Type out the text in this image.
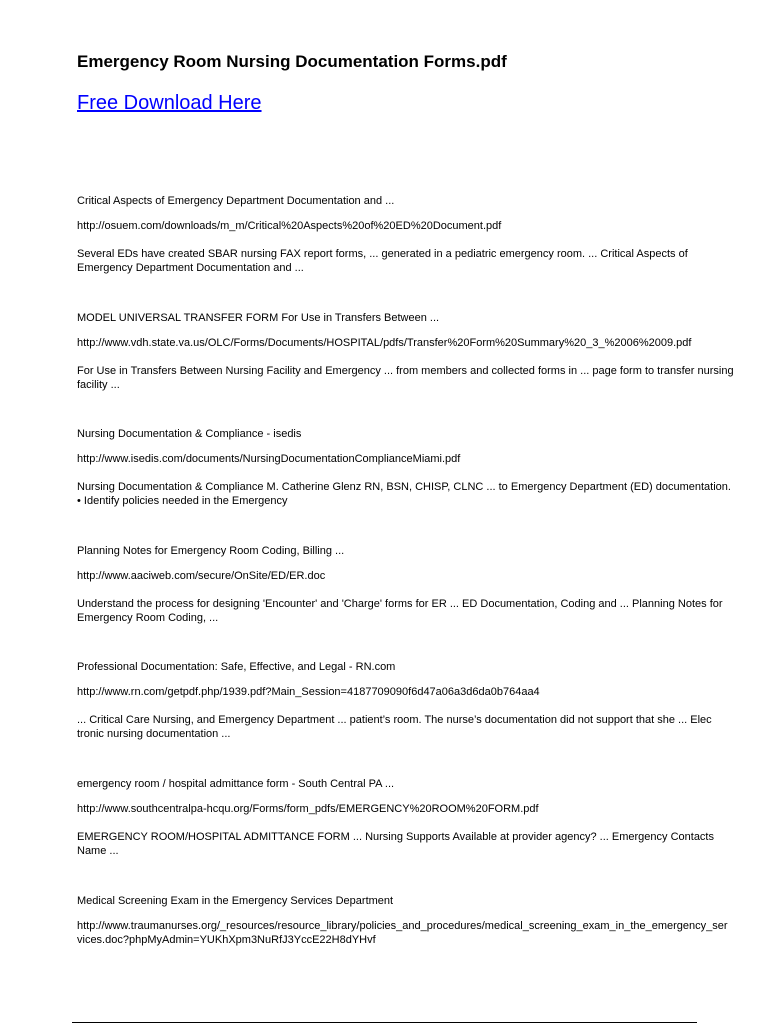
Emergency Room Nursing Documentation Forms.pdf
Free Download Here

Critical Aspects of Emergency Department Documentation and ...

http://osuem.com/downloads/m_m/Critical%20Aspects%20of%20ED%20Document.pdf

Several EDs have created SBAR nursing FAX report forms, ... generated in a pediatric emergency room. ... Critical Aspects of Emergency Department Documentation and ...

MODEL UNIVERSAL TRANSFER FORM For Use in Transfers Between ...

http://www.vdh.state.va.us/OLC/Forms/Documents/HOSPITAL/pdfs/Transfer%20Form%20Summary%20_3_%2006%2009.pdf

For Use in Transfers Between Nursing Facility and Emergency ... from members and collected forms in ... page form to transfer nursing facility ...

Nursing Documentation & Compliance - isedis

http://www.isedis.com/documents/NursingDocumentationComplianceMiami.pdf

Nursing Documentation & Compliance M. Catherine Glenz RN, BSN, CHISP, CLNC ... to Emergency Department (ED) documentation. • Identify policies needed in the Emergency

Planning Notes for Emergency Room Coding, Billing ...

http://www.aaciweb.com/secure/OnSite/ED/ER.doc

Understand the process for designing 'Encounter' and 'Charge' forms for ER ... ED Documentation, Coding and ... Planning Notes for Emergency Room Coding, ...

Professional Documentation: Safe, Effective, and Legal - RN.com

http://www.rn.com/getpdf.php/1939.pdf?Main_Session=4187709090f6d47a06a3d6da0b764aa4

... Critical Care Nursing, and Emergency Department ... patient’s room. The nurse’s documentation did not support that she ... Elec tronic nursing documentation ...

emergency room / hospital admittance form - South Central PA ...

http://www.southcentralpa-hcqu.org/Forms/form_pdfs/EMERGENCY%20ROOM%20FORM.pdf

EMERGENCY ROOM/HOSPITAL ADMITTANCE FORM ... Nursing Supports Available at provider agency? ... Emergency Contacts Name ...

Medical Screening Exam in the Emergency Services Department

http://www.traumanurses.org/_resources/resource_library/policies_and_procedures/medical_screening_exam_in_the_emergency_services.doc?phpMyAdmin=YUKhXpm3NuRfJ3YccE22H8dYHvf
